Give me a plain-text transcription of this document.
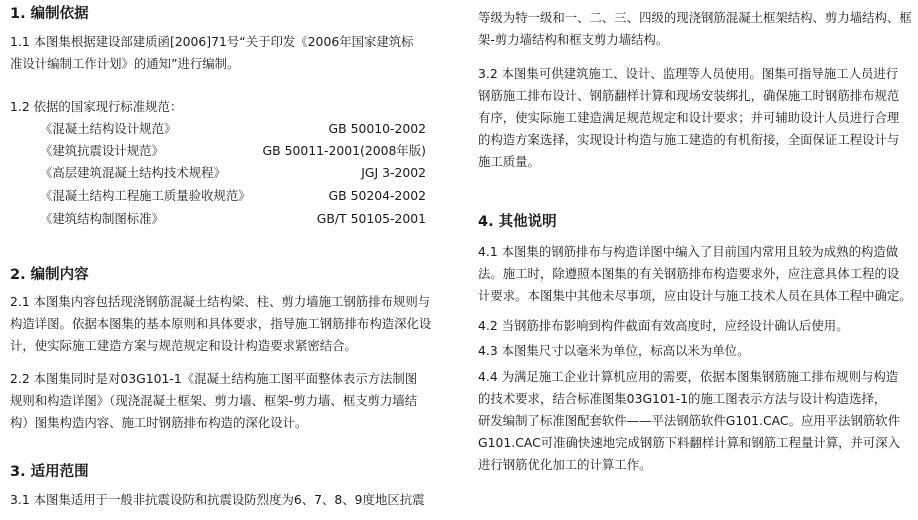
1. 编制依据
1.1 本图集根据建设部建质函[2006]71号“关于印发《2006年国家建筑标
准设计编制工作计划》的通知”进行编制。
1.2 依据的国家现行标准规范：
《混凝土结构设计规范》	GB 50010-2002
《建筑抗震设计规范》	GB 50011-2001(2008年版)
《高层建筑混凝土结构技术规程》	JGJ 3-2002
《混凝土结构工程施工质量验收规范》	GB 50204-2002
《建筑结构制图标准》	GB/T 50105-2001
2. 编制内容
2.1 本图集内容包括现浇钢筋混凝土结构梁、柱、剪力墙施工钢筋排布规则与
构造详图。依据本图集的基本原则和具体要求，指导施工钢筋排布构造深化设
计，使实际施工建造方案与规范规定和设计构造要求紧密结合。
2.2 本图集同时是对03G101-1《混凝土结构施工图平面整体表示方法制图
规则和构造详图》（现浇混凝土框架、剪力墙、框架-剪力墙、框支剪力墙结
构）图集构造内容、施工时钢筋排布构造的深化设计。
3. 适用范围
3.1 本图集适用于一般非抗震设防和抗震设防烈度为6、7、8、9度地区抗震
等级为特一级和一、二、三、四级的现浇钢筋混凝土框架结构、剪力墙结构、框
架-剪力墙结构和框支剪力墙结构。
3.2 本图集可供建筑施工、设计、监理等人员使用。图集可指导施工人员进行
钢筋施工排布设计、钢筋翻样计算和现场安装绑扎，确保施工时钢筋排布规范
有序，使实际施工建造满足规范规定和设计要求；并可辅助设计人员进行合理
的构造方案选择，实现设计构造与施工建造的有机衔接，全面保证工程设计与
施工质量。
4. 其他说明
4.1 本图集的钢筋排布与构造详图中编入了目前国内常用且较为成熟的构造做
法。施工时，除遵照本图集的有关钢筋排布构造要求外，应注意具体工程的设
计要求。本图集中其他未尽事项，应由设计与施工技术人员在具体工程中确定。
4.2 当钢筋排布影响到构件截面有效高度时，应经设计确认后使用。
4.3 本图集尺寸以毫米为单位，标高以米为单位。
4.4 为满足施工企业计算机应用的需要，依据本图集钢筋施工排布规则与构造
的技术要求，结合标准图集03G101-1的施工图表示方法与设计构造选择，
研发编制了标准图配套软件——平法钢筋软件G101.CAC。应用平法钢筋软件
G101.CAC可准确快速地完成钢筋下料翻样计算和钢筋工程量计算，并可深入
进行钢筋优化加工的计算工作。
